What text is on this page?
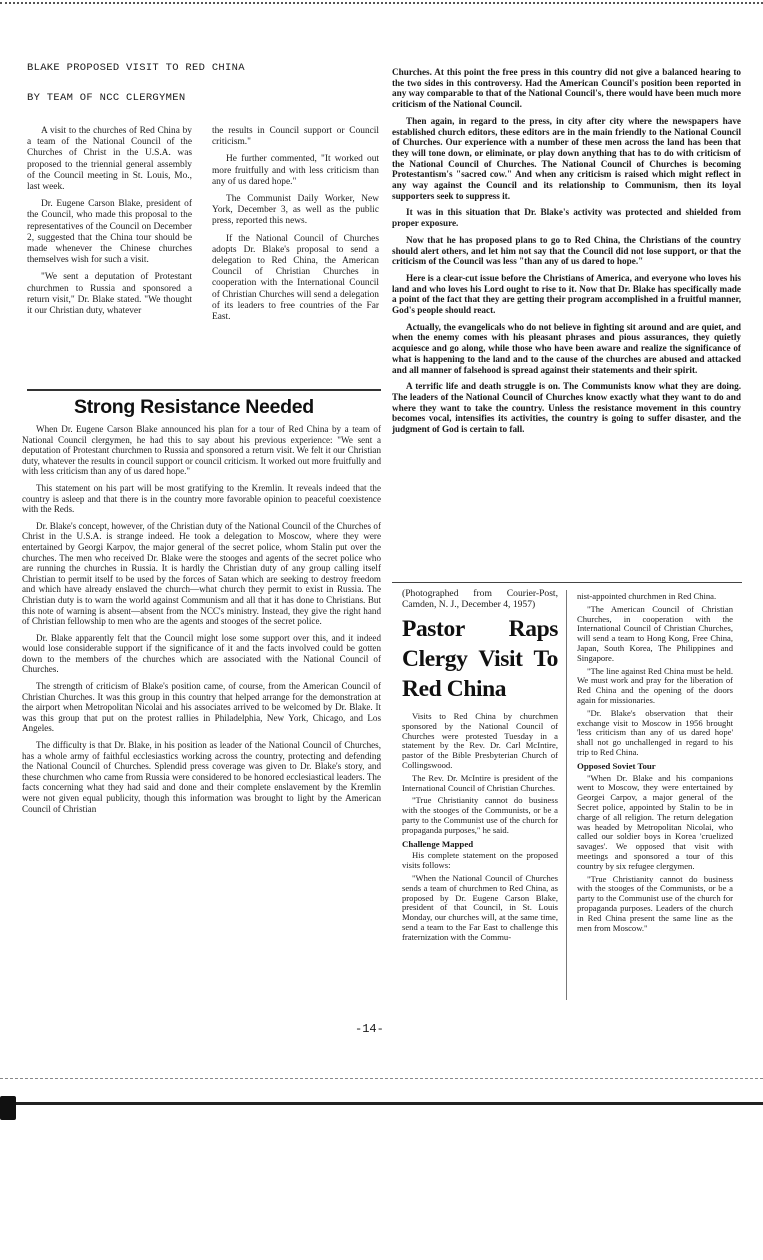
BLAKE PROPOSED VISIT TO RED CHINA
BY TEAM OF NCC CLERGYMEN

A visit to the churches of Red China by a team of the National Council of the Churches of Christ in the U.S.A. was proposed to the triennial general assembly of the Council meeting in St. Louis, Mo., last week.

Dr. Eugene Carson Blake, president of the Council, who made this proposal to the representatives of the Council on December 2, suggested that the China tour should be made whenever the Chinese churches themselves wish for such a visit.

"We sent a deputation of Protestant churchmen to Russia and sponsored a return visit," Dr. Blake stated. "We thought it our Christian duty, whatever

the results in Council support or Council criticism."

He further commented, "It worked out more fruitfully and with less criticism than any of us dared hope."

The Communist Daily Worker, New York, December 3, as well as the public press, reported this news.

If the National Council of Churches adopts Dr. Blake's proposal to send a delegation to Red China, the American Council of Christian Churches in cooperation with the International Council of Christian Churches will send a delegation of its leaders to free countries of the Far East.

Strong Resistance Needed

When Dr. Eugene Carson Blake announced his plan for a tour of Red China by a team of National Council clergymen, he had this to say about his previous experience: "We sent a deputation of Protestant churchmen to Russia and sponsored a return visit. We felt it our Christian duty, whatever the results in council support or council criticism. It worked out more fruitfully and with less criticism than any of us dared hope."

This statement on his part will be most gratifying to the Kremlin. It reveals indeed that the country is asleep and that there is in the country more favorable opinion to peaceful coexistence with the Reds.

Dr. Blake's concept, however, of the Christian duty of the National Council of the Churches of Christ in the U.S.A. is strange indeed. He took a delegation to Moscow, where they were entertained by Georgi Karpov, the major general of the secret police, whom Stalin put over the churches. The men who received Dr. Blake were the stooges and agents of the secret police who are running the churches in Russia. It is hardly the Christian duty of any group calling itself Christian to permit itself to be used by the forces of Satan which are seeking to destroy freedom and which have already enslaved the church—what church they permit to exist in Russia. The Christian duty is to warn the world against Communism and all that it has done to Christians. But this note of warning is absent—absent from the NCC's ministry. Instead, they give the right hand of Christian fellowship to men who are the agents and stooges of the secret police.

Dr. Blake apparently felt that the Council might lose some support over this, and it indeed would lose considerable support if the significance of it and the facts involved could be gotten down to the members of the churches which are associated with the National Council of Churches.

The strength of criticism of Blake's position came, of course, from the American Council of Christian Churches. It was this group in this country that helped arrange for the demonstration at the airport when Metropolitan Nicolai and his associates arrived to be welcomed by Dr. Blake. It was this group that put on the protest rallies in Philadelphia, New York, Chicago, and Los Angeles.

The difficulty is that Dr. Blake, in his position as leader of the National Council of Churches, has a whole army of faithful ecclesiastics working across the country, protecting and defending the National Council of Churches. Splendid press coverage was given to Dr. Blake's story, and these churchmen who came from Russia were considered to be honored ecclesiastical leaders. The facts concerning what they had said and done and their complete enslavement by the Kremlin were not given equal publicity, though this information was brought to light by the American Council of Christian

Churches. At this point the free press in this country did not give a balanced hearing to the two sides in this controversy. Had the American Council's position been reported in any way comparable to that of the National Council's, there would have been much more criticism of the National Council.

Then again, in regard to the press, in city after city where the newspapers have established church editors, these editors are in the main friendly to the National Council of Churches. Our experience with a number of these men across the land has been that they will tone down, or eliminate, or play down anything that has to do with criticism of the National Council of Churches. The National Council of Churches is becoming Protestantism's "sacred cow." And when any criticism is raised which might reflect in any way against the Council and its relationship to Communism, then its loyal supporters seek to suppress it.

It was in this situation that Dr. Blake's activity was protected and shielded from proper exposure.

Now that he has proposed plans to go to Red China, the Christians of the country should alert others, and let him not say that the Council did not lose support, or that the criticism of the Council was less "than any of us dared to hope."

Here is a clear-cut issue before the Christians of America, and everyone who loves his land and who loves his Lord ought to rise to it. Now that Dr. Blake has specifically made a point of the fact that they are getting their program accomplished in a fruitful manner, God's people should react.

Actually, the evangelicals who do not believe in fighting sit around and are quiet, and when the enemy comes with his pleasant phrases and pious assurances, they quietly acquiesce and go along, while those who have been aware and realize the significance of what is happening to the land and to the cause of the churches are abused and attacked and all manner of falsehood is spread against their statements and their spirit.

A terrific life and death struggle is on. The Communists know what they are doing. The leaders of the National Council of Churches know exactly what they want to do and where they want to take the country. Unless the resistance movement in this country becomes vocal, intensifies its activities, the country is going to suffer disaster, and the judgment of God is certain to fall.

(Photographed from Courier-Post, Camden, N. J., December 4, 1957)
Pastor Raps Clergy Visit To Red China

Visits to Red China by churchmen sponsored by the National Council of Churches were protested Tuesday in a statement by the Rev. Dr. Carl McIntire, pastor of the Bible Presbyterian Church of Collingswood.

The Rev. Dr. McIntire is president of the International Council of Christian Churches.

"True Christianity cannot do business with the stooges of the Communists, or be a party to the Communist use of the church for propaganda purposes," he said.

Challenge Mapped

His complete statement on the proposed visits follows:

"When the National Council of Churches sends a team of churchmen to Red China, as proposed by Dr. Eugene Carson Blake, president of that Council, in St. Louis Monday, our churches will, at the same time, send a team to the Far East to challenge this fraternization with the Commu-

nist-appointed churchmen in Red China.

"The American Council of Christian Churches, in cooperation with the International Council of Christian Churches, will send a team to Hong Kong, Free China, Japan, South Korea, The Philippines and Singapore.

"The line against Red China must be held. We must work and pray for the liberation of Red China and the opening of the doors again for missionaries.

"Dr. Blake's observation that their exchange visit to Moscow in 1956 brought 'less criticism than any of us dared hope' shall not go unchallenged in regard to his trip to Red China.

Opposed Soviet Tour

"When Dr. Blake and his companions went to Moscow, they were entertained by Georgei Carpov, a major general of the Secret police, appointed by Stalin to be in charge of all religion. The return delegation was headed by Metropolitan Nicolai, who called our soldier boys in Korea 'cruelized savages'. We opposed that visit with meetings and sponsored a tour of this country by six refugee clergymen.

"True Christianity cannot do business with the stooges of the Communists, or be a party to the Communist use of the church for propaganda purposes. Leaders of the church in Red China present the same line as the men from Moscow."

-14-
